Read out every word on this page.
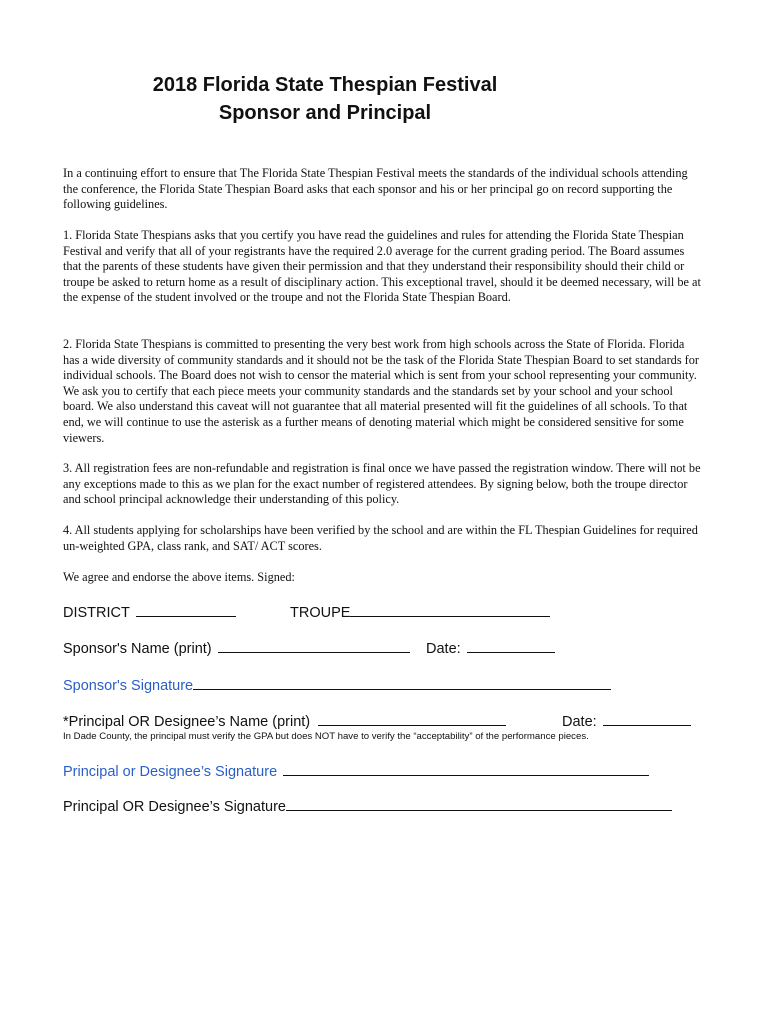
2018 Florida State Thespian Festival
Sponsor and Principal

In a continuing effort to ensure that The Florida State Thespian Festival meets the standards of the individual schools attending the conference, the Florida State Thespian Board asks that each sponsor and his or her principal go on record supporting the following guidelines.

1. Florida State Thespians asks that you certify you have read the guidelines and rules for attending the Florida State Thespian Festival and verify that all of your registrants have the required 2.0 average for the current grading period. The Board assumes that the parents of these students have given their permission and that they understand their responsibility should their child or troupe be asked to return home as a result of disciplinary action. This exceptional travel, should it be deemed necessary, will be at the expense of the student involved or the troupe and not the Florida State Thespian Board.

2. Florida State Thespians is committed to presenting the very best work from high schools across the State of Florida. Florida has a wide diversity of community standards and it should not be the task of the Florida State Thespian Board to set standards for individual schools. The Board does not wish to censor the material which is sent from your school representing your community. We ask you to certify that each piece meets your community standards and the standards set by your school and your school board. We also understand this caveat will not guarantee that all material presented will fit the guidelines of all schools. To that end, we will continue to use the asterisk as a further means of denoting material which might be considered sensitive for some viewers.

3. All registration fees are non-refundable and registration is final once we have passed the registration window. There will not be any exceptions made to this as we plan for the exact number of registered attendees. By signing below, both the troupe director and school principal acknowledge their understanding of this policy.

4. All students applying for scholarships have been verified by the school and are within the FL Thespian Guidelines for required un-weighted GPA, class rank, and SAT/ ACT scores.

We agree and endorse the above items. Signed:

DISTRICT	TROUPE
Sponsor's Name (print)	Date:
Sponsor's Signature
*Principal OR Designee’s Name (print)	Date:
In Dade County, the principal must verify the GPA but does NOT have to verify the “acceptability” of the performance pieces.
Principal or Designee’s Signature
Principal OR Designee’s Signature
